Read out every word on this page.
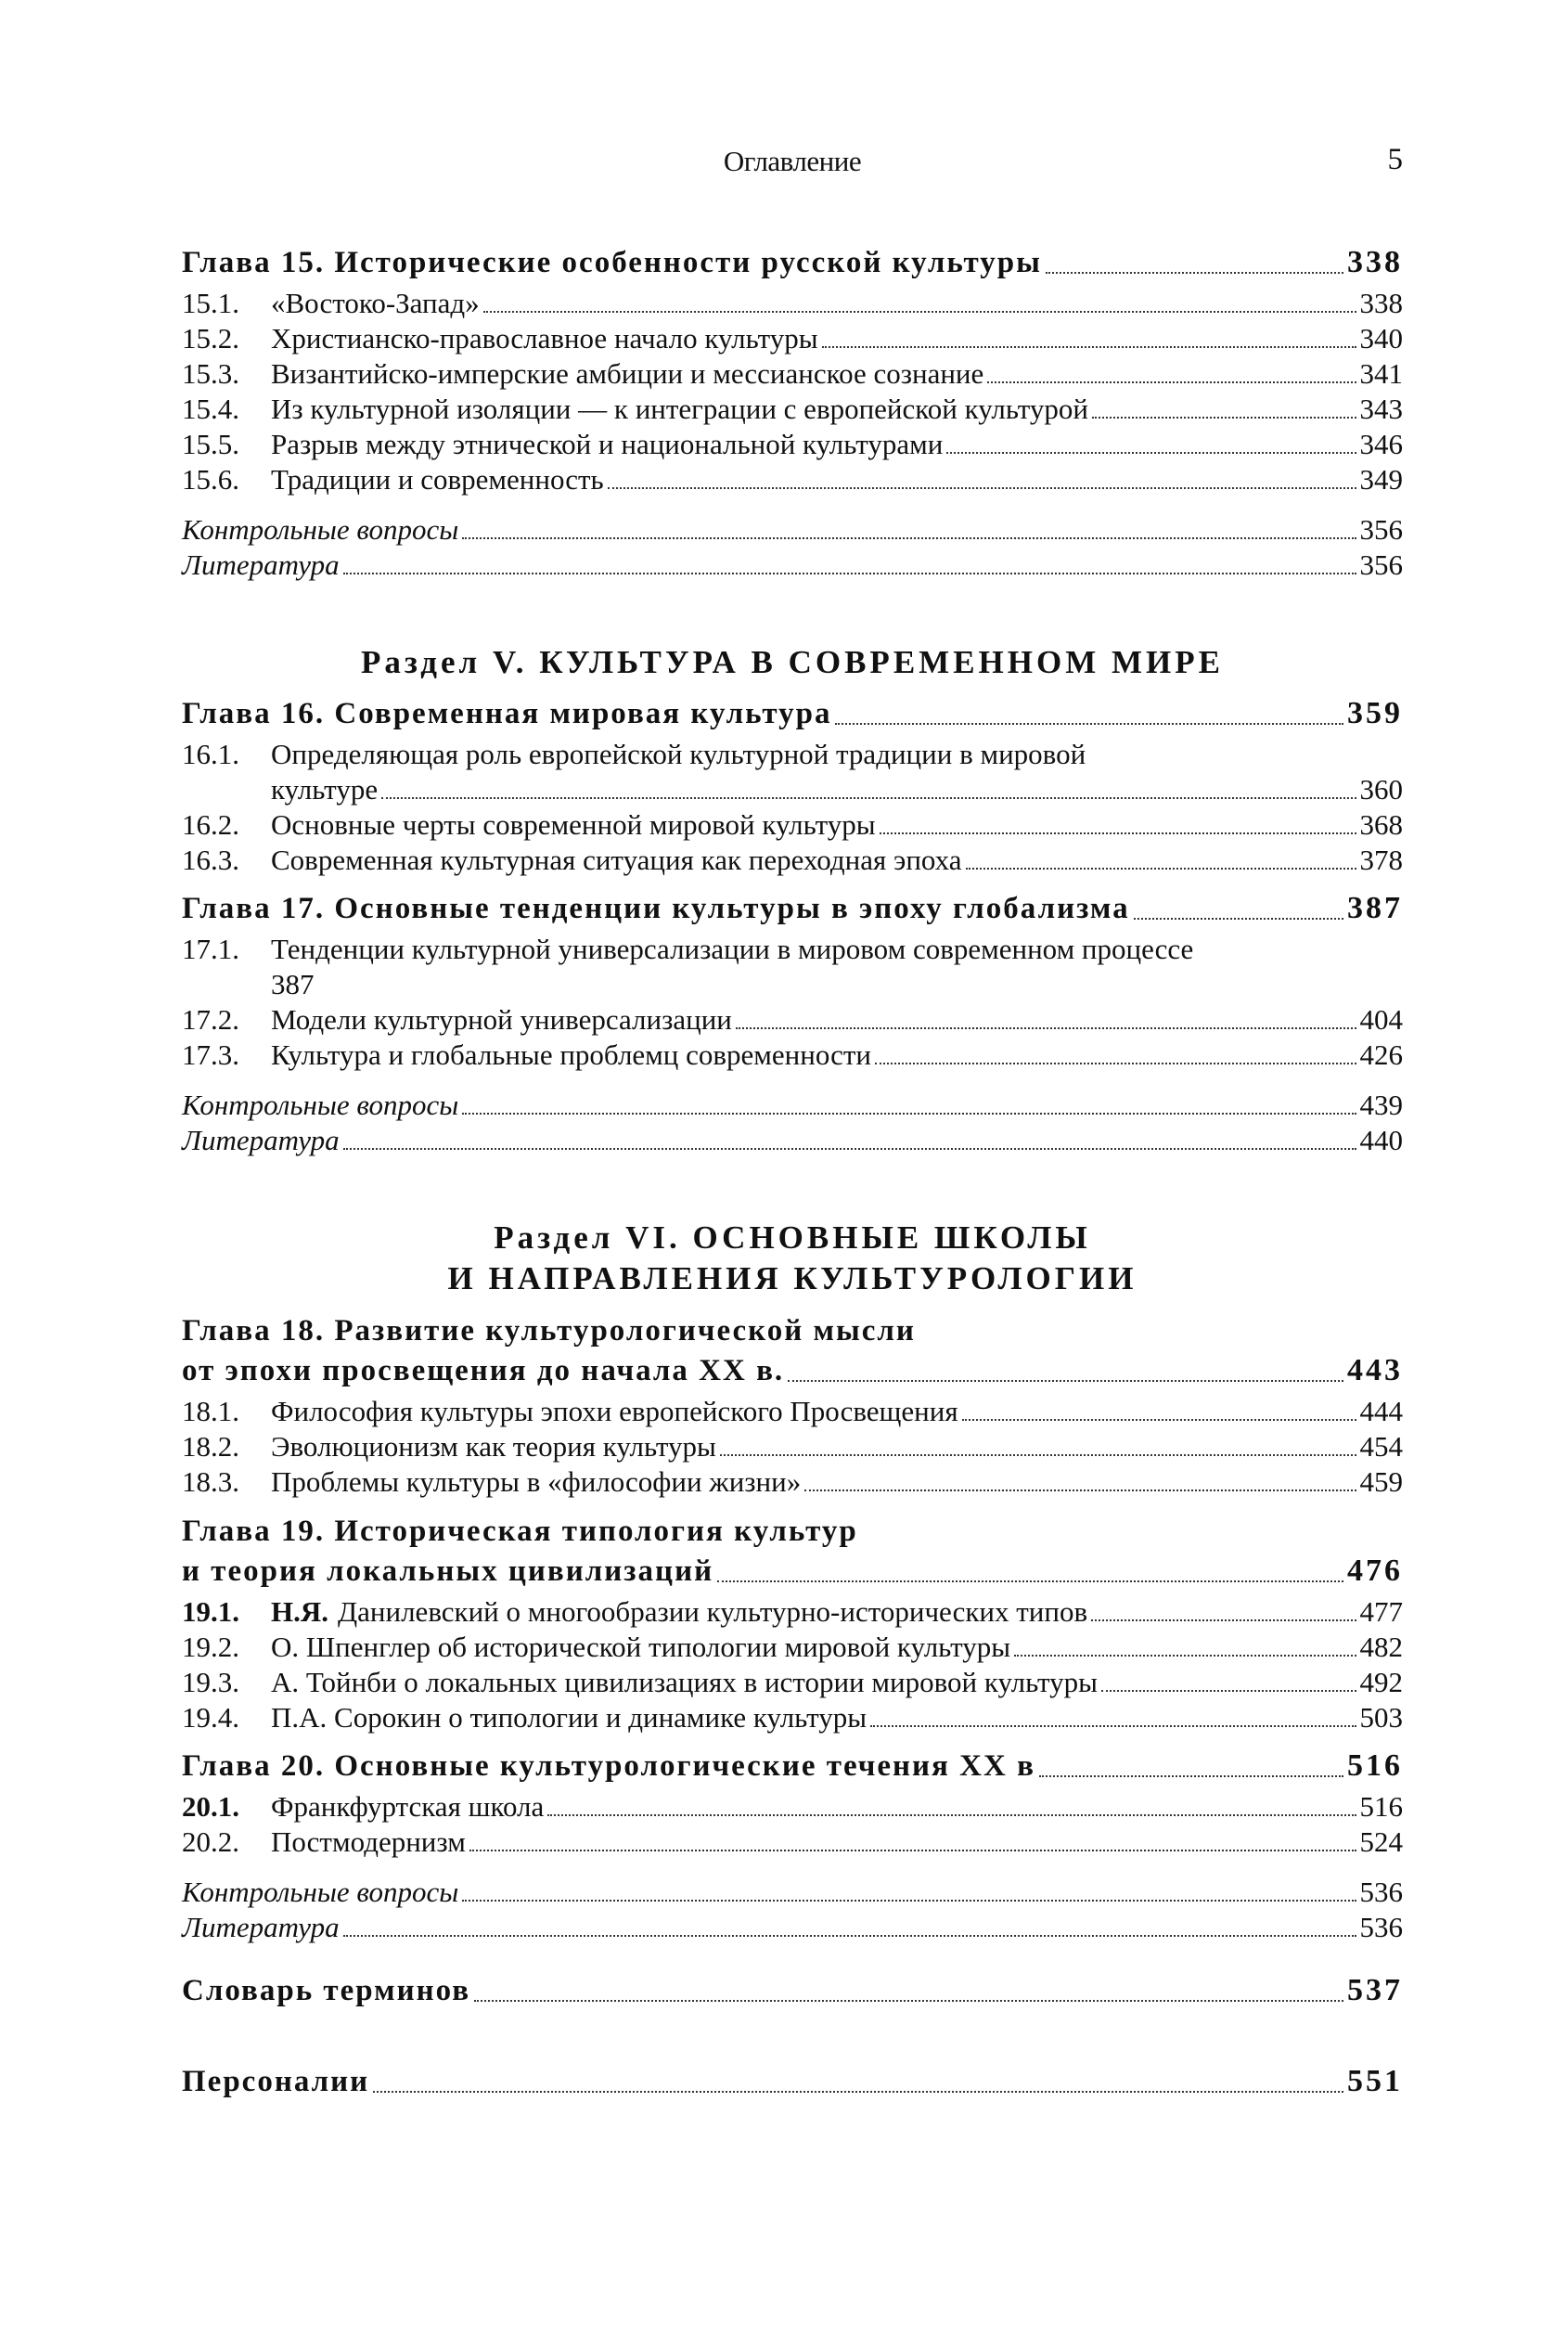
Оглавление	5
Глава 15. Исторические особенности русской культуры	338
15.1.	«Востоко-Запад»	338
15.2.	Христианско-православное начало культуры	340
15.3.	Византийско-имперские амбиции и мессианское сознание	341
15.4.	Из культурной изоляции — к интеграции с европейской культурой	343
15.5.	Разрыв между этнической и национальной культурами	346
15.6.	Традиции и современность	349
Контрольные вопросы	356
Литература	356
Раздел V. КУЛЬТУРА В СОВРЕМЕННОМ МИРЕ
Глава 16. Современная мировая культура	359
16.1.	Определяющая роль европейской культурной традиции в мировой
культуре	360
16.2.	Основные черты современной мировой культуры	368
16.3.	Современная культурная ситуация как переходная эпоха	378
Глава 17. Основные тенденции культуры в эпоху глобализма	387
17.1.	Тенденции культурной универсализации в мировом современном процессе
387
17.2.	Модели культурной универсализации	404
17.3.	Культура и глобальные проблемц современности	426
Контрольные вопросы	439
Литература	440
Раздел VI. ОСНОВНЫЕ ШКОЛЫ
И НАПРАВЛЕНИЯ КУЛЬТУРОЛОГИИ
Глава 18. Развитие культурологической мысли
от эпохи просвещения до начала XX в.	443
18.1.	Философия культуры эпохи европейского Просвещения	444
18.2.	Эволюционизм как теория культуры	454
18.3.	Проблемы культуры в «философии жизни»	459
Глава 19. Историческая типология культур
и теория локальных цивилизаций	476
19.1.	Н.Я. Данилевский о многообразии культурно-исторических типов	477
19.2.	О. Шпенглер об исторической типологии мировой культуры	482
19.3.	А. Тойнби о локальных цивилизациях в истории мировой культуры	492
19.4.	П.А. Сорокин о типологии и динамике культуры	503
Глава 20. Основные культурологические течения XX в	516
20.1.	Франкфуртская школа	516
20.2.	Постмодернизм	524
Контрольные вопросы	536
Литература	536
Словарь терминов	537
Персоналии	551
